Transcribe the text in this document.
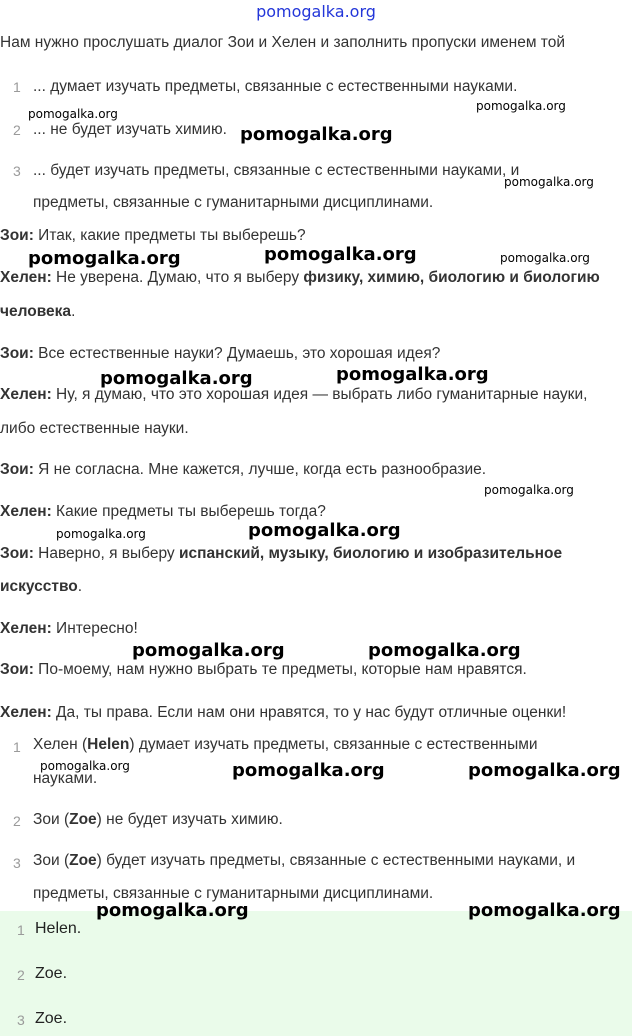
pomogalka.org
Нам нужно прослушать диалог Зои и Хелен и заполнить пропуски именем той
1 ... думает изучать предметы, связанные с естественными науками.
2 ... не будет изучать химию.
3 ... будет изучать предметы, связанные с естественными науками, и
предметы, связанные с гуманитарными дисциплинами.
Зои: Итак, какие предметы ты выберешь?
Хелен: Не уверена. Думаю, что я выберу физику, химию, биологию и биологию
человека.
Зои: Все естественные науки? Думаешь, это хорошая идея?
Хелен: Ну, я думаю, что это хорошая идея — выбрать либо гуманитарные науки,
либо естественные науки.
Зои: Я не согласна. Мне кажется, лучше, когда есть разнообразие.
Хелен: Какие предметы ты выберешь тогда?
Зои: Наверно, я выберу испанский, музыку, биологию и изобразительное
искусство.
Хелен: Интересно!
Зои: По-моему, нам нужно выбрать те предметы, которые нам нравятся.
Хелен: Да, ты права. Если нам они нравятся, то у нас будут отличные оценки!
1 Хелен (Helen) думает изучать предметы, связанные с естественными
науками.
2 Зои (Zoe) не будет изучать химию.
3 Зои (Zoe) будет изучать предметы, связанные с естественными науками, и
предметы, связанные с гуманитарными дисциплинами.
1 Helen.
2 Zoe.
3 Zoe.
pomogalka.org
pomogalka.org
pomogalka.org
pomogalka.org
pomogalka.org	pomogalka.org	pomogalka.org
pomogalka.org	pomogalka.org
pomogalka.org
pomogalka.org	pomogalka.org
pomogalka.org	pomogalka.org
pomogalka.org	pomogalka.org	pomogalka.org
pomogalka.org	pomogalka.org
